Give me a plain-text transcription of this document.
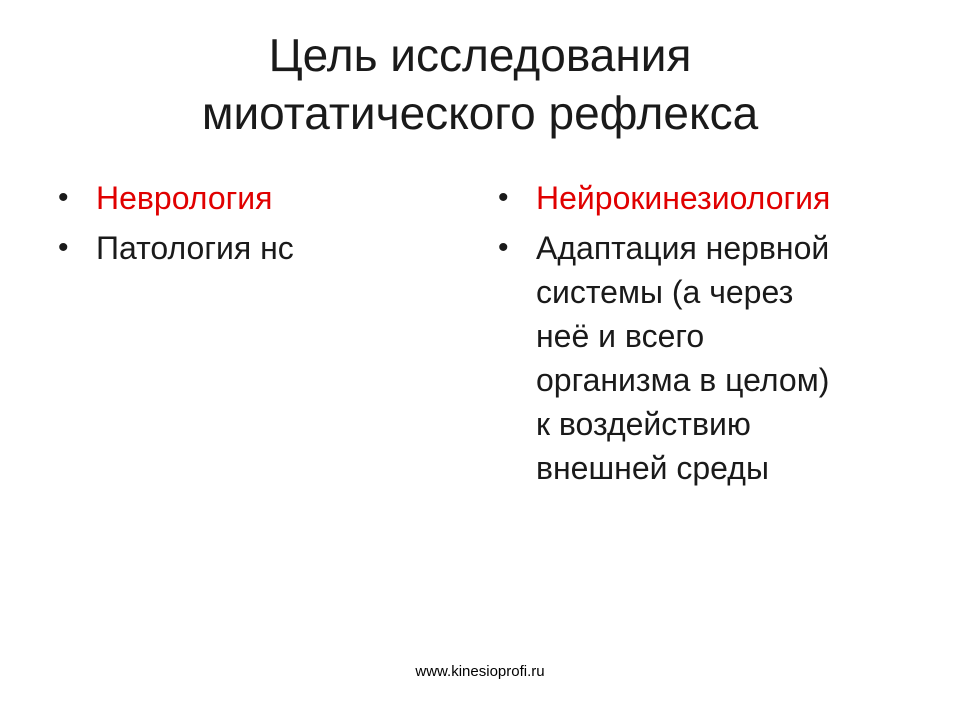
Цель исследования
миотатического рефлекса
• Неврология
• Патология нс
• Нейрокинезиология
• Адаптация нервной
системы (а через
неё и всего
организма в целом)
к воздействию
внешней среды
www.kinesioprofi.ru
